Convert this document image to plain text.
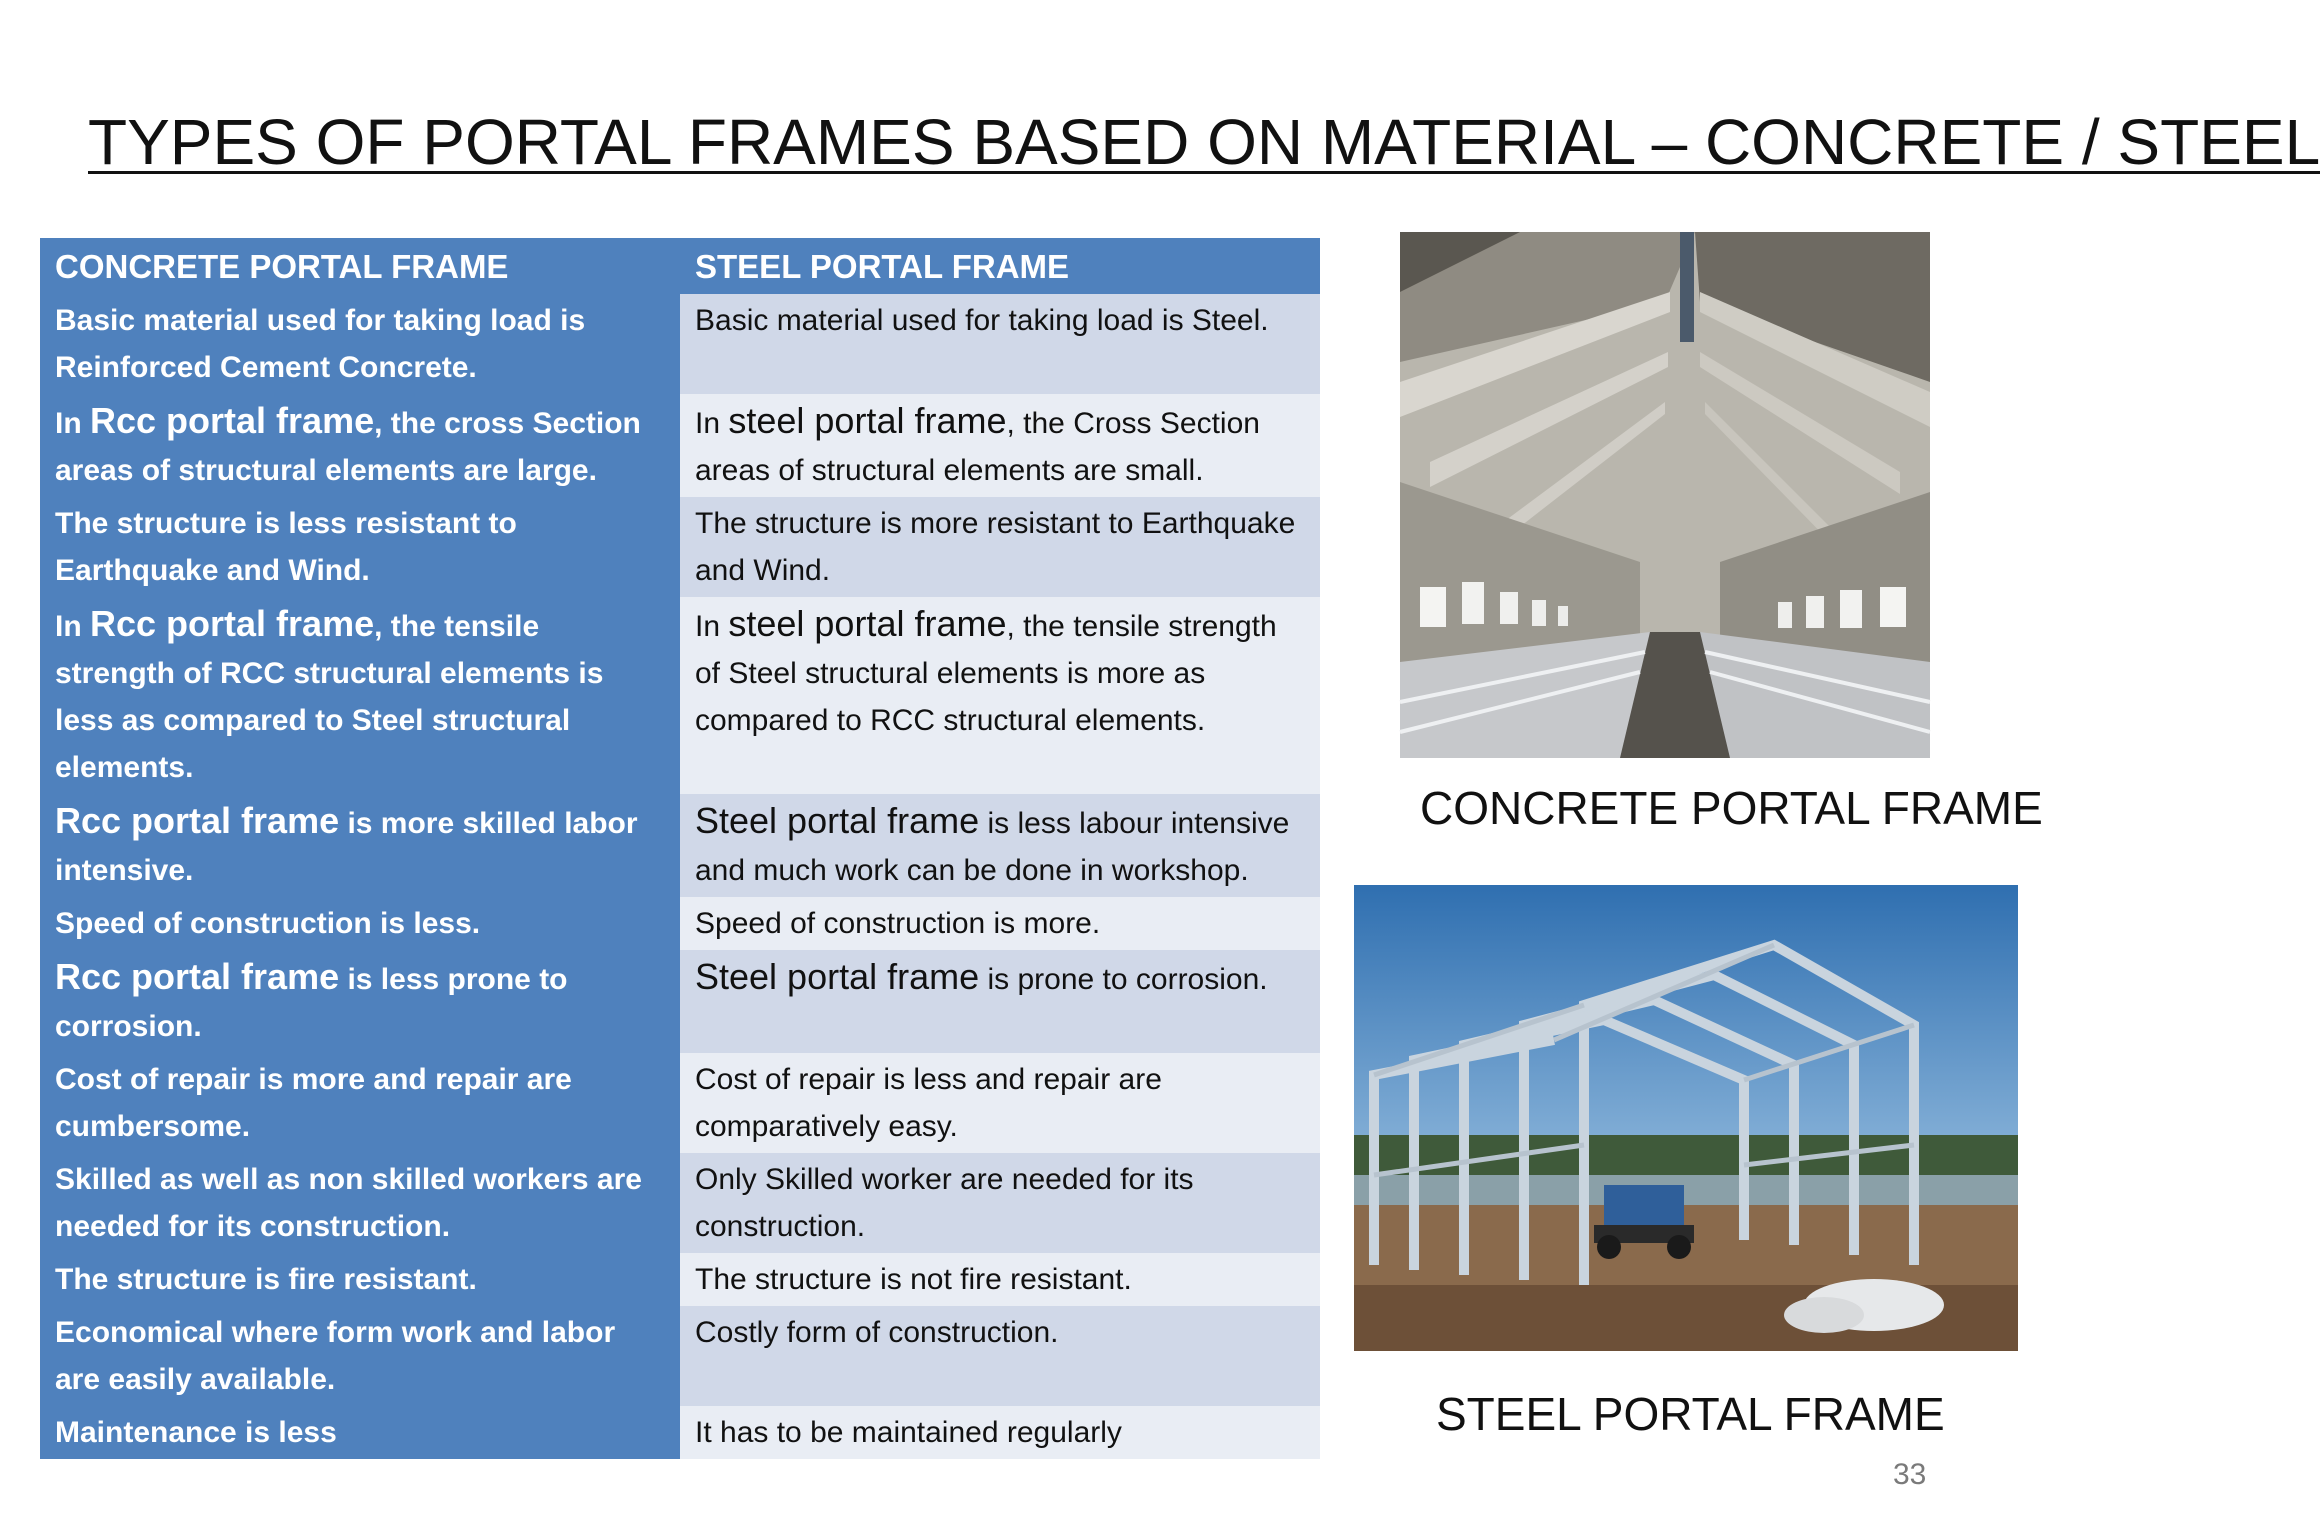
TYPES OF PORTAL FRAMES BASED ON MATERIAL – CONCRETE / STEEL
CONCRETE PORTAL FRAME	STEEL PORTAL FRAME
Basic material used for taking load is Reinforced Cement Concrete.	Basic material used for taking load is Steel.
In Rcc portal frame, the cross Section areas of structural elements are large.	In steel portal frame, the Cross Section areas of structural elements are small.
The structure is less resistant to Earthquake and Wind.	The structure is more resistant to Earthquake and Wind.
In Rcc portal frame, the tensile strength of RCC structural elements is less as compared to Steel structural elements.	In steel portal frame, the tensile strength of Steel structural elements is more as compared to RCC structural elements.
Rcc portal frame is more skilled labor intensive.	Steel portal frame is less labour intensive and much work can be done in workshop.
Speed of construction is less.	Speed of construction is more.
Rcc portal frame is less prone to corrosion.	Steel portal frame is prone to corrosion.
Cost of repair is more and repair are cumbersome.	Cost of repair is less and repair are comparatively easy.
Skilled as well as non skilled workers are needed for its construction.	Only Skilled worker are needed for its construction.
The structure is fire resistant.	The structure is not fire resistant.
Economical where form work and labor are easily available.	Costly form of construction.
Maintenance is less	It has to be maintained regularly
CONCRETE PORTAL FRAME
STEEL PORTAL FRAME
33
